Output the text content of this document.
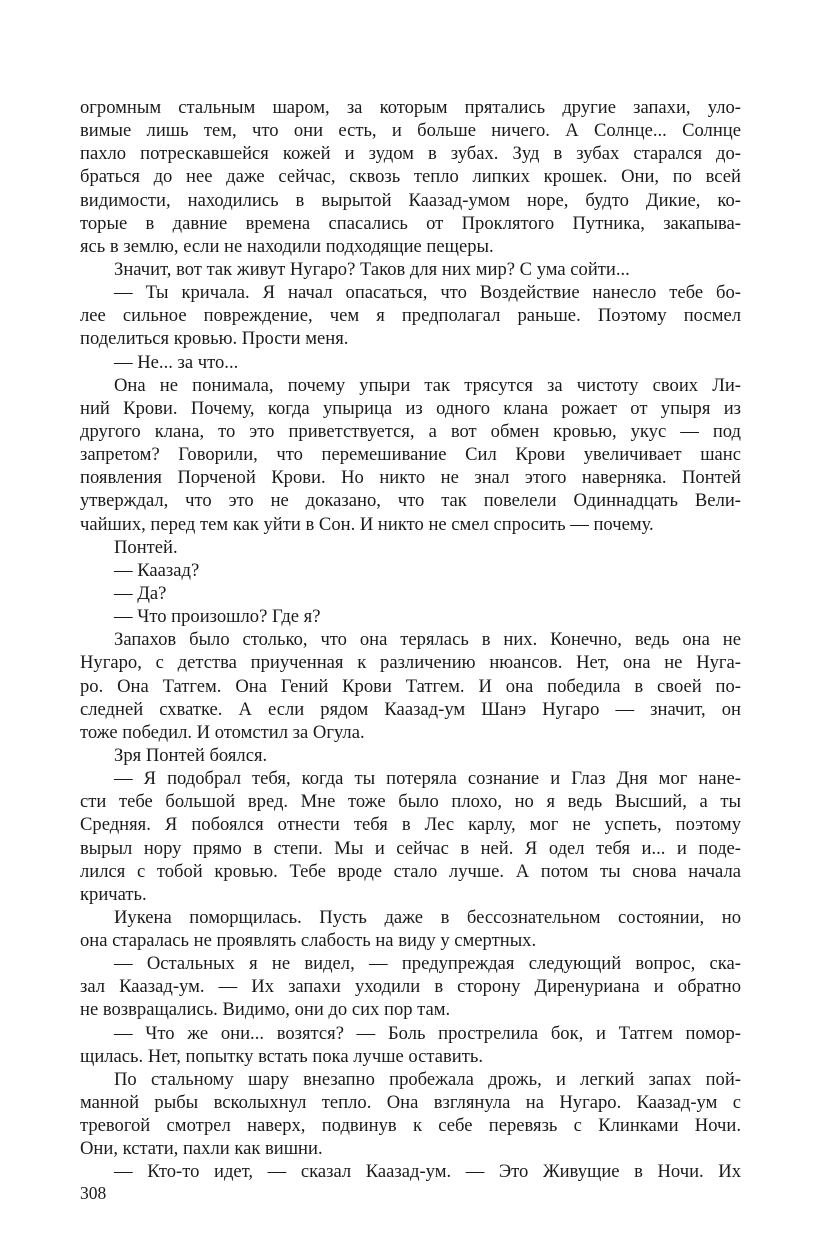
огромным стальным шаром, за которым прятались другие запахи, уло-
вимые лишь тем, что они есть, и больше ничего. А Солнце... Солнце
пахло потрескавшейся кожей и зудом в зубах. Зуд в зубах старался до-
браться до нее даже сейчас, сквозь тепло липких крошек. Они, по всей
видимости, находились в вырытой Каазад-умом норе, будто Дикие, ко-
торые в давние времена спасались от Проклятого Путника, закапыва-
ясь в землю, если не находили подходящие пещеры.
Значит, вот так живут Нугаро? Таков для них мир? С ума сойти...
— Ты кричала. Я начал опасаться, что Воздействие нанесло тебе бо-
лее сильное повреждение, чем я предполагал раньше. Поэтому посмел
поделиться кровью. Прости меня.
— Не... за что...
Она не понимала, почему упыри так трясутся за чистоту своих Ли-
ний Крови. Почему, когда упырица из одного клана рожает от упыря из
другого клана, то это приветствуется, а вот обмен кровью, укус — под
запретом? Говорили, что перемешивание Сил Крови увеличивает шанс
появления Порченой Крови. Но никто не знал этого наверняка. Понтей
утверждал, что это не доказано, что так повелели Одиннадцать Вели-
чайших, перед тем как уйти в Сон. И никто не смел спросить — почему.
Понтей.
— Каазад?
— Да?
— Что произошло? Где я?
Запахов было столько, что она терялась в них. Конечно, ведь она не
Нугаро, с детства приученная к различению нюансов. Нет, она не Нуга-
ро. Она Татгем. Она Гений Крови Татгем. И она победила в своей по-
следней схватке. А если рядом Каазад-ум Шанэ Нугаро — значит, он
тоже победил. И отомстил за Огула.
Зря Понтей боялся.
— Я подобрал тебя, когда ты потеряла сознание и Глаз Дня мог нане-
сти тебе большой вред. Мне тоже было плохо, но я ведь Высший, а ты
Средняя. Я побоялся отнести тебя в Лес карлу, мог не успеть, поэтому
вырыл нору прямо в степи. Мы и сейчас в ней. Я одел тебя и... и поде-
лился с тобой кровью. Тебе вроде стало лучше. А потом ты снова начала
кричать.
Иукена поморщилась. Пусть даже в бессознательном состоянии, но
она старалась не проявлять слабость на виду у смертных.
— Остальных я не видел, — предупреждая следующий вопрос, ска-
зал Каазад-ум. — Их запахи уходили в сторону Диренуриана и обратно
не возвращались. Видимо, они до сих пор там.
— Что же они... возятся? — Боль прострелила бок, и Татгем помор-
щилась. Нет, попытку встать пока лучше оставить.
По стальному шару внезапно пробежала дрожь, и легкий запах пой-
манной рыбы всколыхнул тепло. Она взглянула на Нугаро. Каазад-ум с
тревогой смотрел наверх, подвинув к себе перевязь с Клинками Ночи.
Они, кстати, пахли как вишни.
— Кто-то идет, — сказал Каазад-ум. — Это Живущие в Ночи. Их
308
